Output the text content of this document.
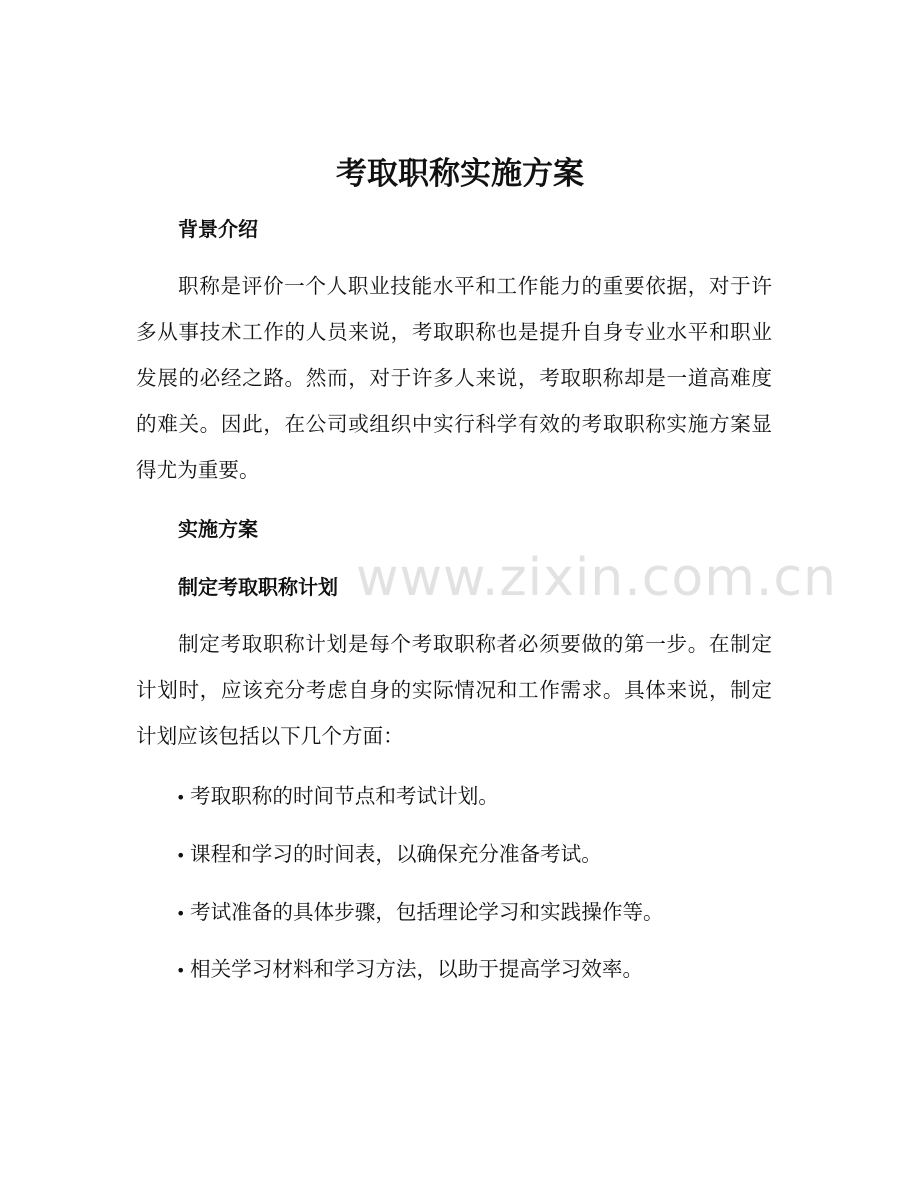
www.zixin.com.cn
考取职称实施方案
背景介绍

职称是评价一个人职业技能水平和工作能力的重要依据，对于许多从事技术工作的人员来说，考取职称也是提升自身专业水平和职业发展的必经之路。然而，对于许多人来说，考取职称却是一道高难度的难关。因此，在公司或组织中实行科学有效的考取职称实施方案显得尤为重要。

实施方案
制定考取职称计划

制定考取职称计划是每个考取职称者必须要做的第一步。在制定计划时，应该充分考虑自身的实际情况和工作需求。具体来说，制定计划应该包括以下几个方面：

• 考取职称的时间节点和考试计划。

• 课程和学习的时间表，以确保充分准备考试。

• 考试准备的具体步骤，包括理论学习和实践操作等。

• 相关学习材料和学习方法，以助于提高学习效率。
